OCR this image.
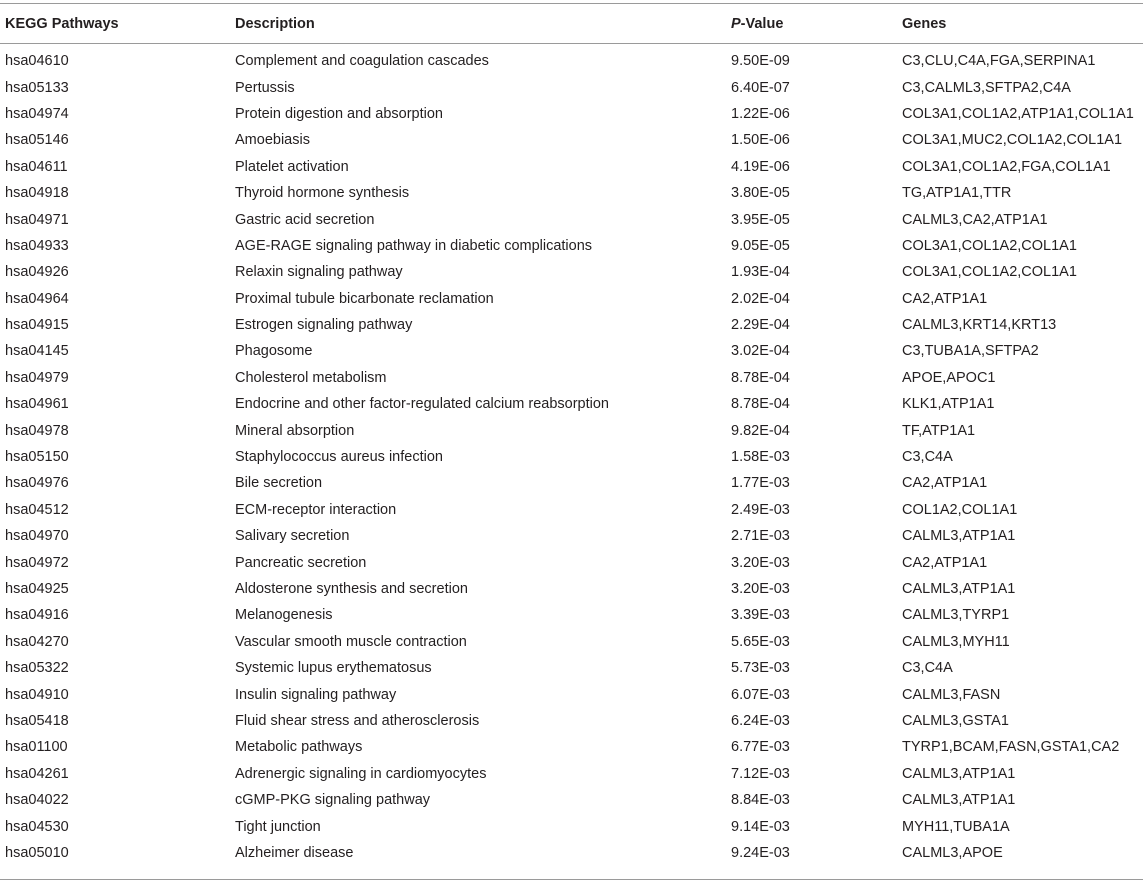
KEGG Pathways	Description	P-Value	Genes
hsa04610	Complement and coagulation cascades	9.50E-09	C3,CLU,C4A,FGA,SERPINA1
hsa05133	Pertussis	6.40E-07	C3,CALML3,SFTPA2,C4A
hsa04974	Protein digestion and absorption	1.22E-06	COL3A1,COL1A2,ATP1A1,COL1A1
hsa05146	Amoebiasis	1.50E-06	COL3A1,MUC2,COL1A2,COL1A1
hsa04611	Platelet activation	4.19E-06	COL3A1,COL1A2,FGA,COL1A1
hsa04918	Thyroid hormone synthesis	3.80E-05	TG,ATP1A1,TTR
hsa04971	Gastric acid secretion	3.95E-05	CALML3,CA2,ATP1A1
hsa04933	AGE-RAGE signaling pathway in diabetic complications	9.05E-05	COL3A1,COL1A2,COL1A1
hsa04926	Relaxin signaling pathway	1.93E-04	COL3A1,COL1A2,COL1A1
hsa04964	Proximal tubule bicarbonate reclamation	2.02E-04	CA2,ATP1A1
hsa04915	Estrogen signaling pathway	2.29E-04	CALML3,KRT14,KRT13
hsa04145	Phagosome	3.02E-04	C3,TUBA1A,SFTPA2
hsa04979	Cholesterol metabolism	8.78E-04	APOE,APOC1
hsa04961	Endocrine and other factor-regulated calcium reabsorption	8.78E-04	KLK1,ATP1A1
hsa04978	Mineral absorption	9.82E-04	TF,ATP1A1
hsa05150	Staphylococcus aureus infection	1.58E-03	C3,C4A
hsa04976	Bile secretion	1.77E-03	CA2,ATP1A1
hsa04512	ECM-receptor interaction	2.49E-03	COL1A2,COL1A1
hsa04970	Salivary secretion	2.71E-03	CALML3,ATP1A1
hsa04972	Pancreatic secretion	3.20E-03	CA2,ATP1A1
hsa04925	Aldosterone synthesis and secretion	3.20E-03	CALML3,ATP1A1
hsa04916	Melanogenesis	3.39E-03	CALML3,TYRP1
hsa04270	Vascular smooth muscle contraction	5.65E-03	CALML3,MYH11
hsa05322	Systemic lupus erythematosus	5.73E-03	C3,C4A
hsa04910	Insulin signaling pathway	6.07E-03	CALML3,FASN
hsa05418	Fluid shear stress and atherosclerosis	6.24E-03	CALML3,GSTA1
hsa01100	Metabolic pathways	6.77E-03	TYRP1,BCAM,FASN,GSTA1,CA2
hsa04261	Adrenergic signaling in cardiomyocytes	7.12E-03	CALML3,ATP1A1
hsa04022	cGMP-PKG signaling pathway	8.84E-03	CALML3,ATP1A1
hsa04530	Tight junction	9.14E-03	MYH11,TUBA1A
hsa05010	Alzheimer disease	9.24E-03	CALML3,APOE
